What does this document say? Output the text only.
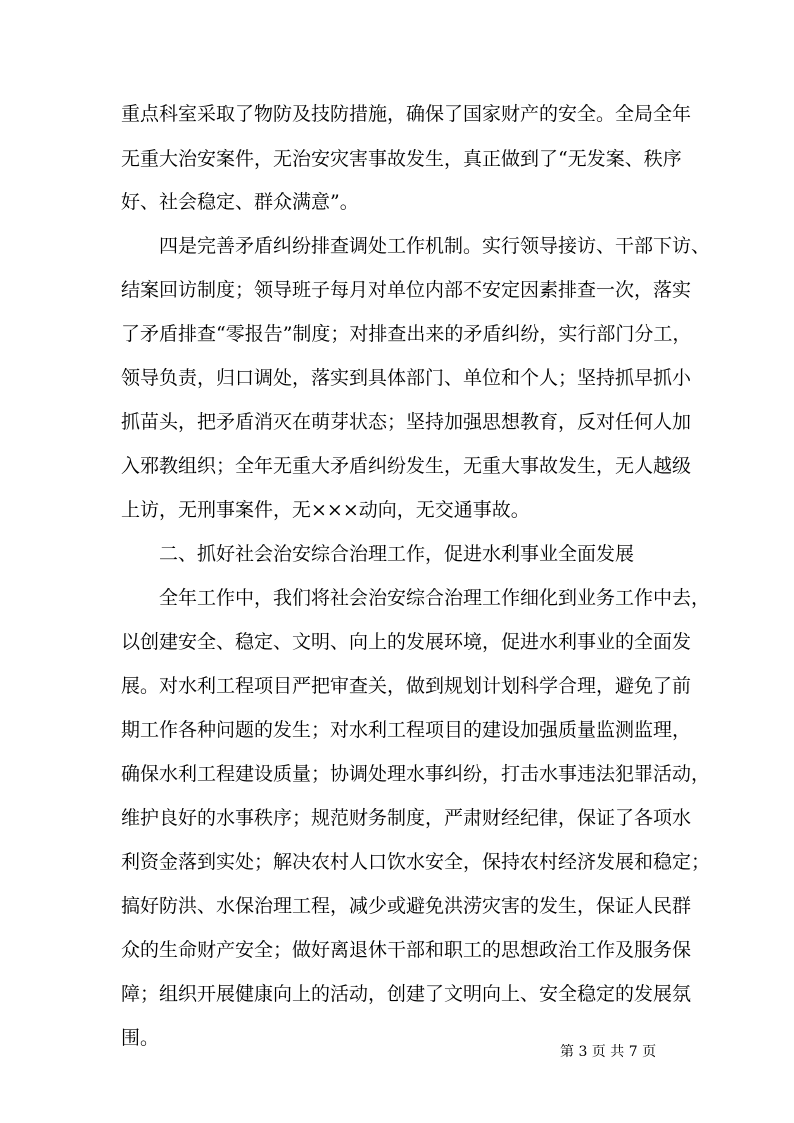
重点科室采取了物防及技防措施，确保了国家财产的安全。全局全年
无重大治安案件，无治安灾害事故发生，真正做到了“无发案、秩序
好、社会稳定、群众满意”。
四是完善矛盾纠纷排查调处工作机制。实行领导接访、干部下访、
结案回访制度；领导班子每月对单位内部不安定因素排查一次，落实
了矛盾排查“零报告”制度；对排查出来的矛盾纠纷，实行部门分工，
领导负责，归口调处，落实到具体部门、单位和个人；坚持抓早抓小
抓苗头，把矛盾消灭在萌芽状态；坚持加强思想教育，反对任何人加
入邪教组织；全年无重大矛盾纠纷发生，无重大事故发生，无人越级
上访，无刑事案件，无×××动向，无交通事故。
二、抓好社会治安综合治理工作，促进水利事业全面发展
全年工作中，我们将社会治安综合治理工作细化到业务工作中去，
以创建安全、稳定、文明、向上的发展环境，促进水利事业的全面发
展。对水利工程项目严把审查关，做到规划计划科学合理，避免了前
期工作各种问题的发生；对水利工程项目的建设加强质量监测监理，
确保水利工程建设质量；协调处理水事纠纷，打击水事违法犯罪活动，
维护良好的水事秩序；规范财务制度，严肃财经纪律，保证了各项水
利资金落到实处；解决农村人口饮水安全，保持农村经济发展和稳定；
搞好防洪、水保治理工程，减少或避免洪涝灾害的发生，保证人民群
众的生命财产安全；做好离退休干部和职工的思想政治工作及服务保
障；组织开展健康向上的活动，创建了文明向上、安全稳定的发展氛
围。
第 3 页 共 7 页
